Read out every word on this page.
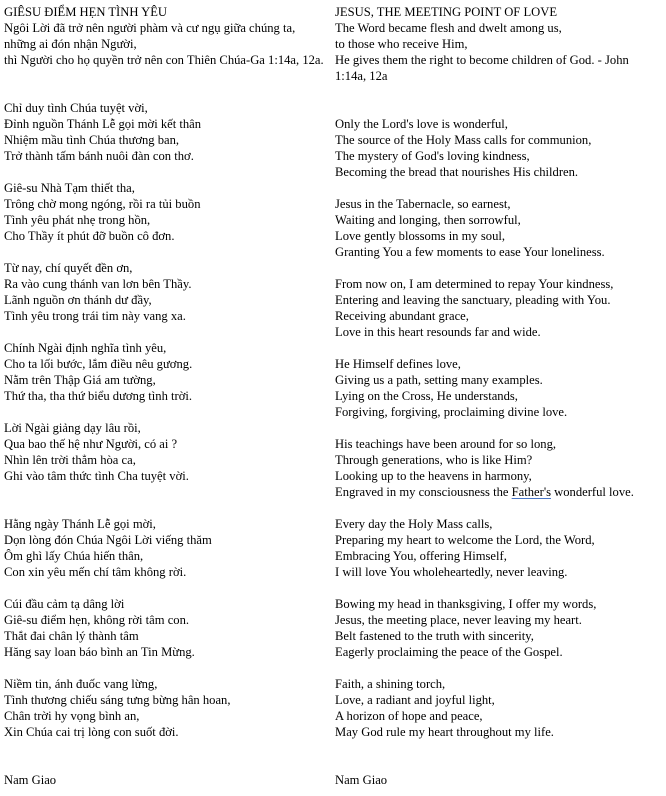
GIÊSU ĐIỂM HẸN TÌNH YÊU
Ngôi Lời đã trở nên người phàm và cư ngụ giữa chúng ta,
những ai đón nhận Người,
thì Người cho họ quyền trở nên con Thiên Chúa-Ga 1:14a, 12a.
Chỉ duy tình Chúa tuyệt vời,
Đỉnh nguồn Thánh Lễ gọi mời kết thân
Nhiệm mầu tình Chúa thương ban,
Trở thành tấm bánh nuôi đàn con thơ.
Giê-su Nhà Tạm thiết tha,
Trông chờ mong ngóng, rồi ra tủi buồn
Tình yêu phát nhẹ trong hồn,
Cho Thầy ít phút đỡ buồn cô đơn.
Từ nay, chí quyết đền ơn,
Ra vào cung thánh van lơn bên Thầy.
Lãnh nguồn ơn thánh dư đầy,
Tình yêu trong trái tim này vang xa.
Chính Ngài định nghĩa tình yêu,
Cho ta lối bước, lắm điều nêu gương.
Nằm trên Thập Giá am tường,
Thứ tha, tha thứ biểu dương tình trời.
Lời Ngài giảng dạy lâu rồi,
Qua bao thế hệ như Người, có ai ?
Nhìn lên trời thẳm hòa ca,
Ghi vào tâm thức tình Cha tuyệt vời.
Hằng ngày Thánh Lễ gọi mời,
Dọn lòng đón Chúa Ngôi Lời viếng thăm
Ôm ghì lấy Chúa hiến thân,
Con xin yêu mến chí tâm không rời.
Cúi đầu cảm tạ dâng lời
Giê-su điểm hẹn, không rời tâm con.
Thắt đai chân lý thành tâm
Hăng say loan báo bình an Tin Mừng.
Niềm tin, ánh đuốc vang lừng,
Tình thương chiếu sáng tưng bừng hân hoan,
Chân trời hy vọng bình an,
Xin Chúa cai trị lòng con suốt đời.
Nam Giao
JESUS, THE MEETING POINT OF LOVE
The Word became flesh and dwelt among us,
to those who receive Him,
He gives them the right to become children of God. - John
1:14a, 12a
Only the Lord's love is wonderful,
The source of the Holy Mass calls for communion,
The mystery of God's loving kindness,
Becoming the bread that nourishes His children.
Jesus in the Tabernacle, so earnest,
Waiting and longing, then sorrowful,
Love gently blossoms in my soul,
Granting You a few moments to ease Your loneliness.
From now on, I am determined to repay Your kindness,
Entering and leaving the sanctuary, pleading with You.
Receiving abundant grace,
Love in this heart resounds far and wide.
He Himself defines love,
Giving us a path, setting many examples.
Lying on the Cross, He understands,
Forgiving, forgiving, proclaiming divine love.
His teachings have been around for so long,
Through generations, who is like Him?
Looking up to the heavens in harmony,
Engraved in my consciousness the Father's wonderful love.
Every day the Holy Mass calls,
Preparing my heart to welcome the Lord, the Word,
Embracing You, offering Himself,
I will love You wholeheartedly, never leaving.
Bowing my head in thanksgiving, I offer my words,
Jesus, the meeting place, never leaving my heart.
Belt fastened to the truth with sincerity,
Eagerly proclaiming the peace of the Gospel.
Faith, a shining torch,
Love, a radiant and joyful light,
A horizon of hope and peace,
May God rule my heart throughout my life.
Nam Giao
